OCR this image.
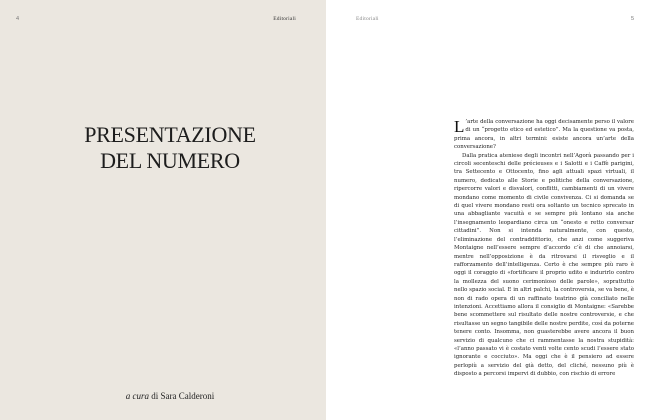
4	Editoriali
PRESENTAZIONE
DEL NUMERO
a cura di Sara Calderoni
Editoriali	5

L ’arte della conversazione ha oggi decisamente perso il valore di un “progetto etico ed estetico”. Ma la questione va posta, prima ancora, in altri termini: esiste ancora un’arte della conversazione?

Dalla pratica ateniese degli incontri nell’Agorà passando per i circoli secenteschi delle précieuses e i Salotti e i Caffè parigini, tra Settecento e Ottocento, fino agli attuali spazi virtuali, il numero, dedicato alle Storie e politiche della conversazione, ripercorre valori e disvalori, conflitti, cambiamenti di un vivere mondano come momento di civile convivenza. Ci si domanda se di quel vivere mondano resti ora soltanto un tecnico sprecato in una abbagliante vacuità e se sempre più lontano sia anche l’insegnamento leopardiano circa un “onesto e retto conversar cittadini”. Non si intenda naturalmente, con questo, l’eliminazione del contraddittorio, che anzi come suggeriva Montaigne nell’essere sempre d’accordo c’è di che annoiarsi, mentre nell’opposizione è da ritrovarsi il risveglio e il rafforzamento dell’intelligenza. Certo è che sempre più raro è oggi il coraggio di «fortificare il proprio udito e indurirlo contro la mollezza del suono cerimonioso delle parole», soprattutto nello spazio social. E in altri palchi, la controversia, se va bene, è non di rado opera di un raffinato teatrino già conciliato nelle intenzioni. Accettiamo allora il consiglio di Montaigne: «Sarebbe bene scommettere sul risultato delle nostre controversie, e che risultasse un segno tangibile delle nostre perdite, così da poterne tenere conto. Insomma, non guasterebbe avere ancora il buon servizio di qualcuno che ci rammentasse la nostra stupidità: «l’anno passato vi è costato venti volte cento scudi l’essere stato ignorante e cocciuto». Ma oggi che è il pensiero ad essere perlopiù a servizio del già detto, del cliché, nessuno più è disposto a percorsi impervi di dubbio, con rischio di errore
